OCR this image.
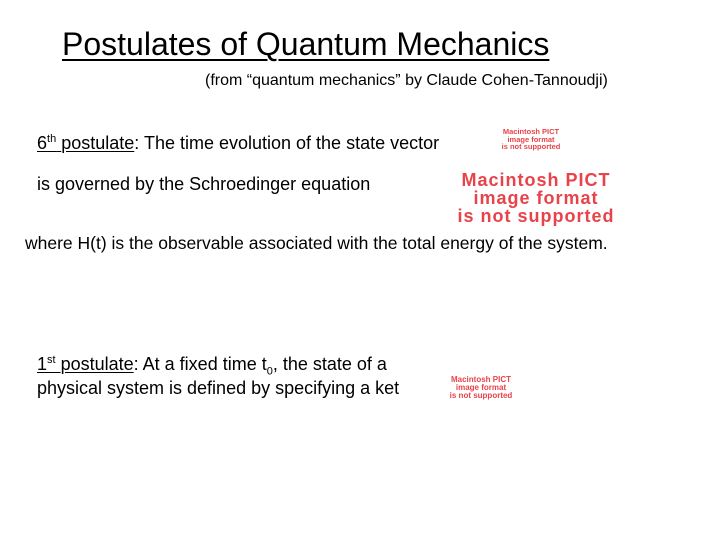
Postulates of Quantum Mechanics
(from “quantum mechanics” by Claude Cohen-Tannoudji)
6th postulate: The time evolution of the state vector
Macintosh PICT
image format
is not supported
is governed by the Schroedinger equation	Macintosh PICT
image format
is not supported
where H(t) is the observable associated with the total energy of the system.
1st postulate: At a fixed time $t_0$, the state of a
physical system is defined by specifying a ket	Macintosh PICT
image format
is not supported
